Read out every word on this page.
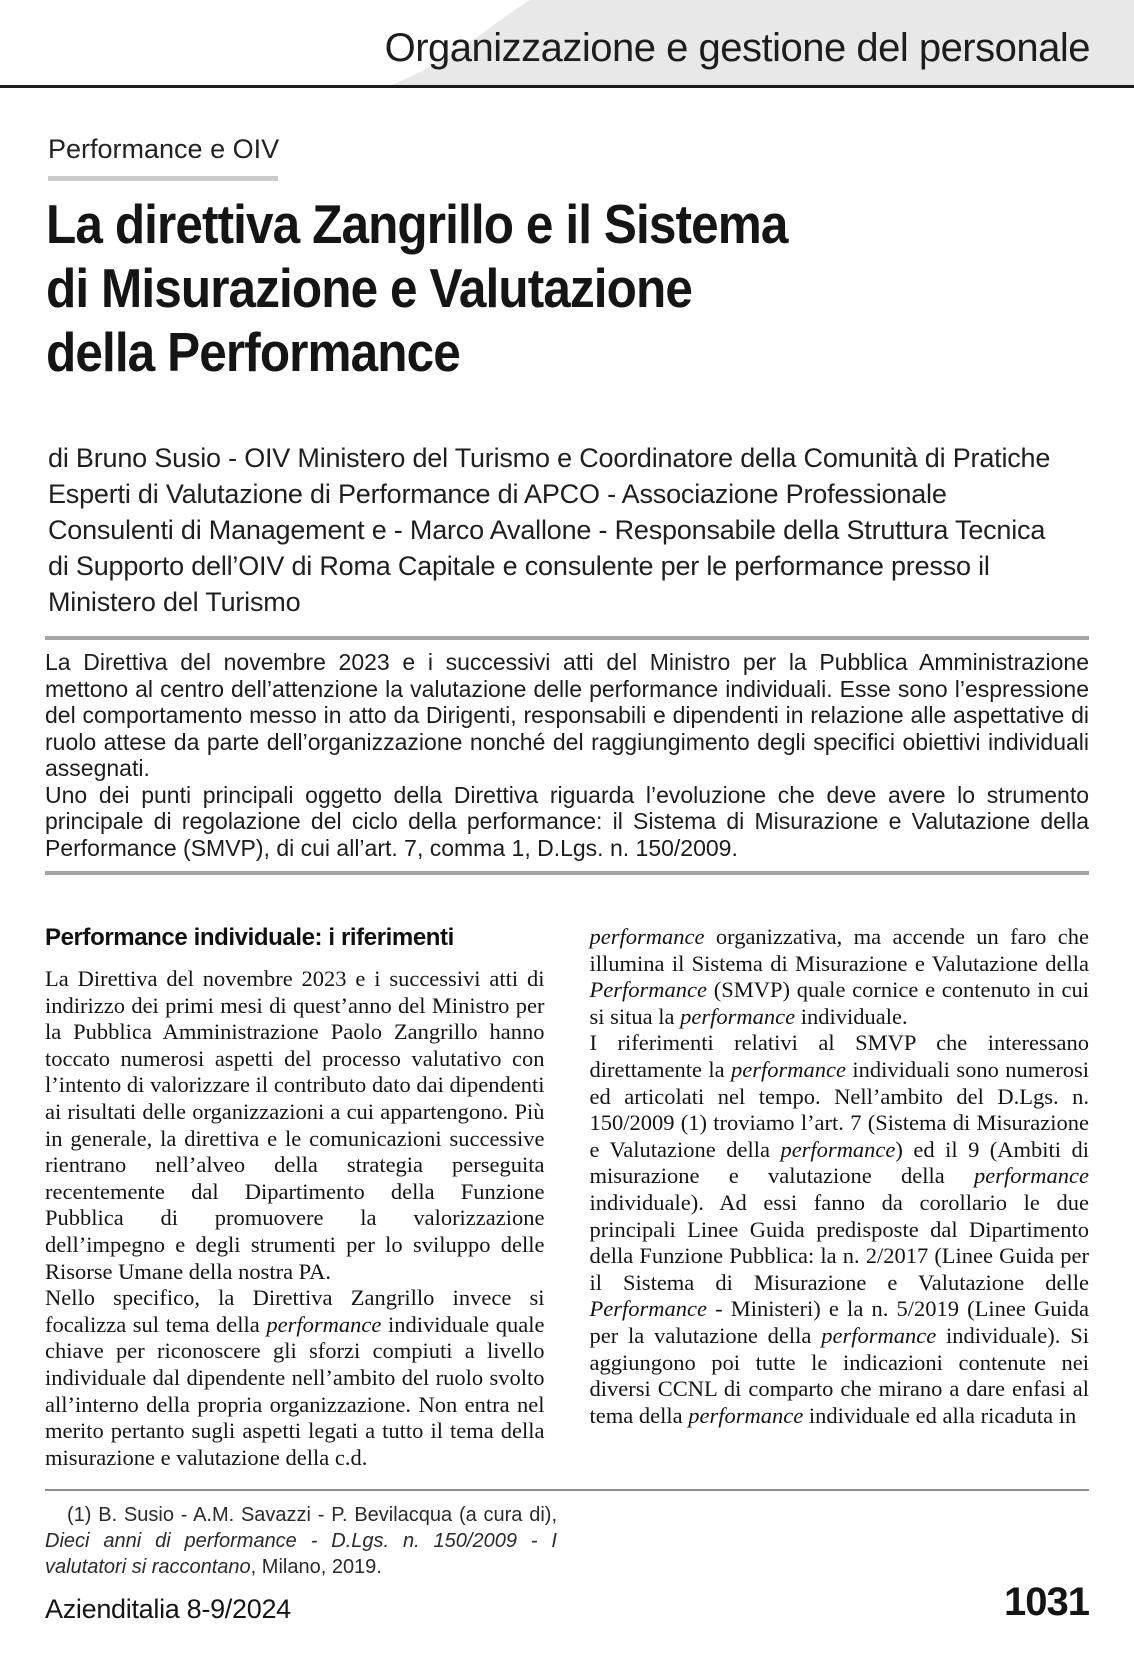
Organizzazione e gestione del personale
Performance e OIV
La direttiva Zangrillo e il Sistema
di Misurazione e Valutazione
della Performance

di Bruno Susio - OIV Ministero del Turismo e Coordinatore della Comunità di Pratiche Esperti di Valutazione di Performance di APCO - Associazione Professionale Consulenti di Management e - Marco Avallone - Responsabile della Struttura Tecnica di Supporto dell’OIV di Roma Capitale e consulente per le performance presso il Ministero del Turismo

La Direttiva del novembre 2023 e i successivi atti del Ministro per la Pubblica Amministrazione mettono al centro dell’attenzione la valutazione delle performance individuali. Esse sono l’espressione del comportamento messo in atto da Dirigenti, responsabili e dipendenti in relazione alle aspettative di ruolo attese da parte dell’organizzazione nonché del raggiungimento degli specifici obiettivi individuali assegnati.

Uno dei punti principali oggetto della Direttiva riguarda l’evoluzione che deve avere lo strumento principale di regolazione del ciclo della performance: il Sistema di Misurazione e Valutazione della Performance (SMVP), di cui all’art. 7, comma 1, D.Lgs. n. 150/2009.

Performance individuale: i riferimenti

La Direttiva del novembre 2023 e i successivi atti di indirizzo dei primi mesi di quest’anno del Ministro per la Pubblica Amministrazione Paolo Zangrillo hanno toccato numerosi aspetti del processo valutativo con l’intento di valorizzare il contributo dato dai dipendenti ai risultati delle organizzazioni a cui appartengono. Più in generale, la direttiva e le comunicazioni successive rientrano nell’alveo della strategia perseguita recentemente dal Dipartimento della Funzione Pubblica di promuovere la valorizzazione dell’impegno e degli strumenti per lo sviluppo delle Risorse Umane della nostra PA.

Nello specifico, la Direttiva Zangrillo invece si focalizza sul tema della performance individuale quale chiave per riconoscere gli sforzi compiuti a livello individuale dal dipendente nell’ambito del ruolo svolto all’interno della propria organizzazione. Non entra nel merito pertanto sugli aspetti legati a tutto il tema della misurazione e valutazione della c.d.

performance organizzativa, ma accende un faro che illumina il Sistema di Misurazione e Valutazione della Performance (SMVP) quale cornice e contenuto in cui si situa la performance individuale.

I riferimenti relativi al SMVP che interessano direttamente la performance individuali sono numerosi ed articolati nel tempo. Nell’ambito del D.Lgs. n. 150/2009 (1) troviamo l’art. 7 (Sistema di Misurazione e Valutazione della performance) ed il 9 (Ambiti di misurazione e valutazione della performance individuale). Ad essi fanno da corollario le due principali Linee Guida predisposte dal Dipartimento della Funzione Pubblica: la n. 2/2017 (Linee Guida per il Sistema di Misurazione e Valutazione delle Performance - Ministeri) e la n. 5/2019 (Linee Guida per la valutazione della performance individuale). Si aggiungono poi tutte le indicazioni contenute nei diversi CCNL di comparto che mirano a dare enfasi al tema della performance individuale ed alla ricaduta in

(1) B. Susio - A.M. Savazzi - P. Bevilacqua (a cura di), Dieci anni di performance - D.Lgs. n. 150/2009 - I valutatori si raccontano, Milano, 2019.

Azienditalia 8-9/2024	1031
